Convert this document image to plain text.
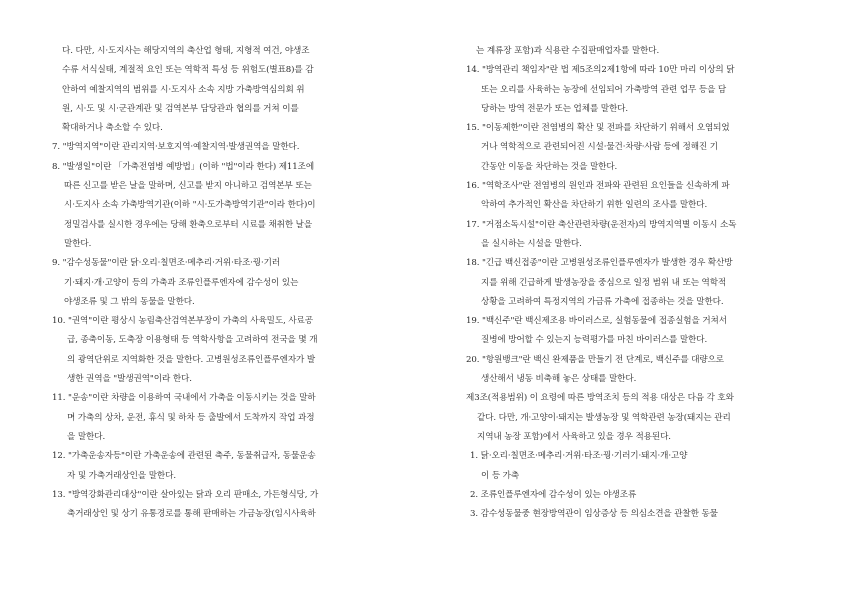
다. 다만, 시·도지사는 해당지역의 축산업 형태, 지형적 여건, 야생조
수류 서식실태, 계절적 요인 또는 역학적 특성 등 위험도(별표8)를 감
안하여 예찰지역의 범위를 시·도지사 소속 지방 가축방역심의회 위
원, 시·도 및 시·군관계관 및 검역본부 담당관과 협의를 거쳐 이를
확대하거나 축소할 수 있다.
7. "방역지역"이란 관리지역·보호지역·예찰지역·발생권역을 말한다.
8. "발생일"이란 「가축전염병 예방법」(이하 "법"이라 한다) 제11조에
따른 신고를 받은 날을 말하며, 신고를 받지 아니하고 검역본부 또는
시·도지사 소속 가축방역기관(이하 "시·도가축방역기관"이라 한다)이
정밀검사를 실시한 경우에는 당해 환축으로부터 시료를 채취한 날을
말한다.
9. "감수성동물"이란 닭·오리·칠면조·메추리·거위·타조·꿩·기러
기·돼지·개·고양이 등의 가축과 조류인플루엔자에 감수성이 있는
야생조류 및 그 밖의 동물을 말한다.
10. "권역"이란 평상시 농림축산검역본부장이 가축의 사육밀도, 사료공
급, 종축이동, 도축장 이용형태 등 역학사항을 고려하여 전국을 몇 개
의 광역단위로 지역화한 것을 말한다. 고병원성조류인플루엔자가 발
생한 권역을 "발생권역"이라 한다.
11. "운송"이란 차량을 이용하여 국내에서 가축을 이동시키는 것을 말하
며 가축의 상차, 운전, 휴식 및 하차 등 출발에서 도착까지 작업 과정
을 말한다.
12. "가축운송자등"이란 가축운송에 관련된 축주, 동물취급자, 동물운송
자 및 가축거래상인을 말한다.
13. "방역강화관리대상"이란 살아있는 닭과 오리 판매소, 가든형식당, 가
축거래상인 및 상기 유통경로를 통해 판매하는 가금농장(임시사육하
는 계류장 포함)과 식용란 수집판매업자를 말한다.
14. "방역관리 책임자"란 법 제5조의2제1항에 따라 10만 마리 이상의 닭
또는 오리를 사육하는 농장에 선임되어 가축방역 관련 업무 등을 담
당하는 방역 전문가 또는 업체를 말한다.
15. "이동제한"이란 전염병의 확산 및 전파를 차단하기 위해서 오염되었
거나 역학적으로 관련되어진 시설·물건·차량·사람 등에 정해진 기
간동안 이동을 차단하는 것을 말한다.
16. "역학조사"란 전염병의 원인과 전파와 관련된 요인들을 신속하게 파
악하여 추가적인 확산을 차단하기 위한 일련의 조사를 말한다.
17. "거점소독시설"이란 축산관련차량(운전자)의 방역지역별 이동시 소독
을 실시하는 시설을 말한다.
18. "긴급 백신접종"이란 고병원성조류인플루엔자가 발생한 경우 확산방
지를 위해 긴급하게 발생농장을 중심으로 일정 범위 내 또는 역학적
상황을 고려하여 특정지역의 가금류 가축에 접종하는 것을 말한다.
19. "백신주"란 백신제조용 바이러스로, 실험동물에 접종실험을 거쳐서
질병에 방어할 수 있는지 능력평가를 마친 바이러스를 말한다.
20. "항원뱅크"란 백신 완제품을 만들기 전 단계로, 백신주를 대량으로
생산해서 냉동 비축해 놓은 상태를 말한다.
제3조(적용범위) 이 요령에 따른 방역조치 등의 적용 대상은 다음 각 호와
같다. 다만, 개·고양이·돼지는 발생농장 및 역학관련 농장(돼지는 관리
지역내 농장 포함)에서 사육하고 있을 경우 적용된다.
1. 닭·오리·칠면조·메추리·거위·타조·꿩·기러기·돼지·개·고양
이 등 가축
2. 조류인플루엔자에 감수성이 있는 야생조류
3. 감수성동물중 현장방역관이 임상증상 등 의심소견을 관찰한 동물
